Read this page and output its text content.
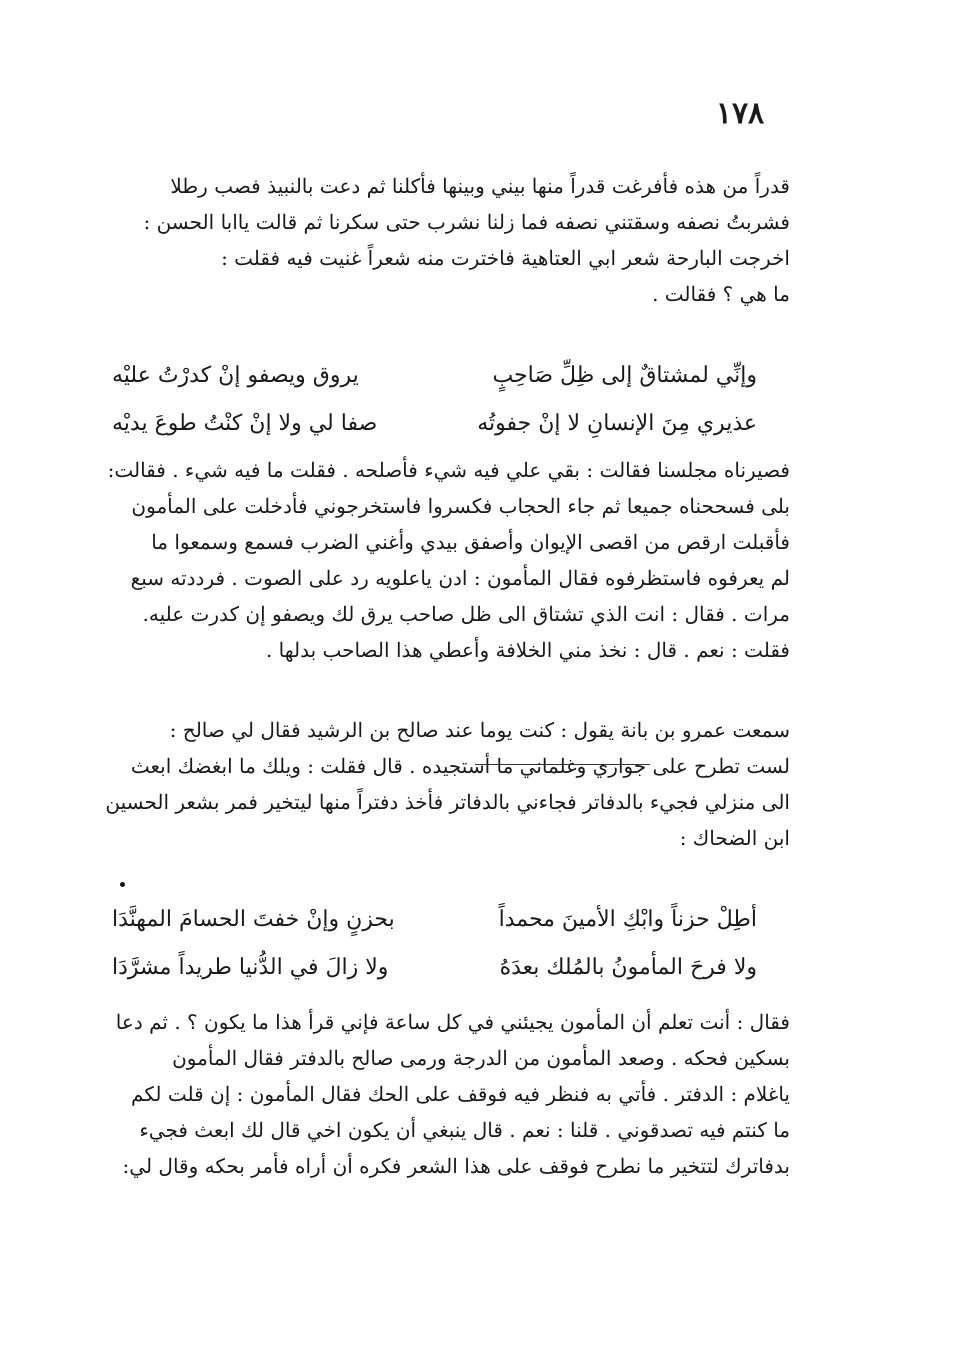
١٧٨
قدراً من هذه فأفرغت قدراً منها بيني وبينها فأكلنا ثم دعت بالنبيذ فصب رطلا
فشربتُ نصفه وسقتني نصفه فما زلنا نشرب حتى سكرنا ثم قالت ياابا الحسن :
اخرجت البارحة شعر ابي العتاهية فاخترت منه شعراً غنيت فيه فقلت :
ما هي ؟ فقالت .
وإنِّي لمشتاقٌ إلى ظِلِّ صَاحِبٍ
يروق ويصفو إنْ كدرْتُ عليْه
عذيري مِنَ الإنسانِ لا إنْ جفوتُه
صفا لي ولا إنْ كنْتُ طوعَ يديْه
فصيرناه مجلسنا فقالت : بقي علي فيه شيء فأصلحه . فقلت ما فيه شيء . فقالت:
بلى فسححناه جميعا ثم جاء الحجاب فكسروا فاستخرجوني فأدخلت على المأمون
فأقبلت ارقص من اقصى الإيوان وأصفق بيدي وأغني الضرب فسمع وسمعوا ما
لم يعرفوه فاستظرفوه فقال المأمون : ادن ياعلويه رد على الصوت . فرددته سبع
مرات . فقال : انت الذي تشتاق الى ظل صاحب يرق لك ويصفو إن كدرت عليه.
فقلت : نعم . قال : نخذ مني الخلافة وأعطي هذا الصاحب بدلها .
سمعت عمرو بن بانة يقول : كنت يوما عند صالح بن الرشيد فقال لي صالح :
لست تطرح على جواري وغلماني ما أستجيده . قال فقلت : ويلك ما ابغضك ابعث
الى منزلي فجيء بالدفاتر فجاءني بالدفاتر فأخذ دفتراً منها ليتخير فمر بشعر الحسين
ابن الضحاك :
أطِلْ حزناً وابْكِ الأمينَ محمداً
بحزنٍ وإنْ خفتَ الحسامَ المهنَّدَا
ولا فرحَ المأمونُ بالمُلك بعدَهُ
ولا زالَ في الدُّنيا طريداً مشرَّدَا
فقال : أنت تعلم أن المأمون يجيئني في كل ساعة فإني قرأ هذا ما يكون ؟ . ثم دعا
بسكين فحكه . وصعد المأمون من الدرجة ورمى صالح بالدفتر فقال المأمون
ياغلام : الدفتر . فأتي به فنظر فيه فوقف على الحك فقال المأمون : إن قلت لكم
ما كنتم فيه تصدقوني . قلنا : نعم . قال ينبغي أن يكون اخي قال لك ابعث فجيء
بدفاترك لتتخير ما نطرح فوقف على هذا الشعر فكره أن أراه فأمر بحكه وقال لي:
